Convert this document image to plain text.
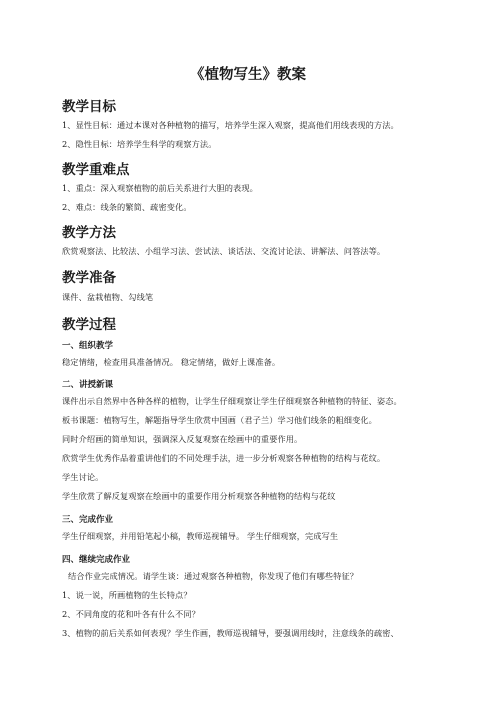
《植物写生》教案
教学目标
1、显性目标：通过本课对各种植物的描写，培养学生深入观察，提高他们用线表现的方法。
2、隐性目标：培养学生科学的观察方法。
教学重难点
1、重点：深入观察植物的前后关系进行大胆的表现。
2、难点：线条的繁简、疏密变化。
教学方法
欣赏观察法、比较法、小组学习法、尝试法、谈话法、交流讨论法、讲解法、问答法等。
教学准备
课件、盆栽植物、勾线笔
教学过程
一、组织教学
稳定情绪，检查用具准备情况。 稳定情绪，做好上课准备。
二、讲授新课
课件出示自然界中各种各样的植物，让学生仔细观察让学生仔细观察各种植物的特征、姿态。
板书课题：植物写生，解题指导学生欣赏中国画（君子兰）学习他们线条的粗细变化。
同时介绍画的简单知识，强调深入反复观察在绘画中的重要作用。
欣赏学生优秀作品着重讲他们的不同处理手法，进一步分析观察各种植物的结构与花纹。
学生讨论。
学生欣赏了解反复观察在绘画中的重要作用分析观察各种植物的结构与花纹
三、完成作业
学生仔细观察，并用铅笔起小稿，教师巡视辅导。 学生仔细观察，完成写生
四、继续完成作业
结合作业完成情况。请学生谈：通过观察各种植物，你发现了他们有哪些特征？
1、说一说，所画植物的生长特点？
2、不同角度的花和叶各有什么不同？
3、植物的前后关系如何表现？学生作画，教师巡视辅导，要强调用线时，注意线条的疏密、
